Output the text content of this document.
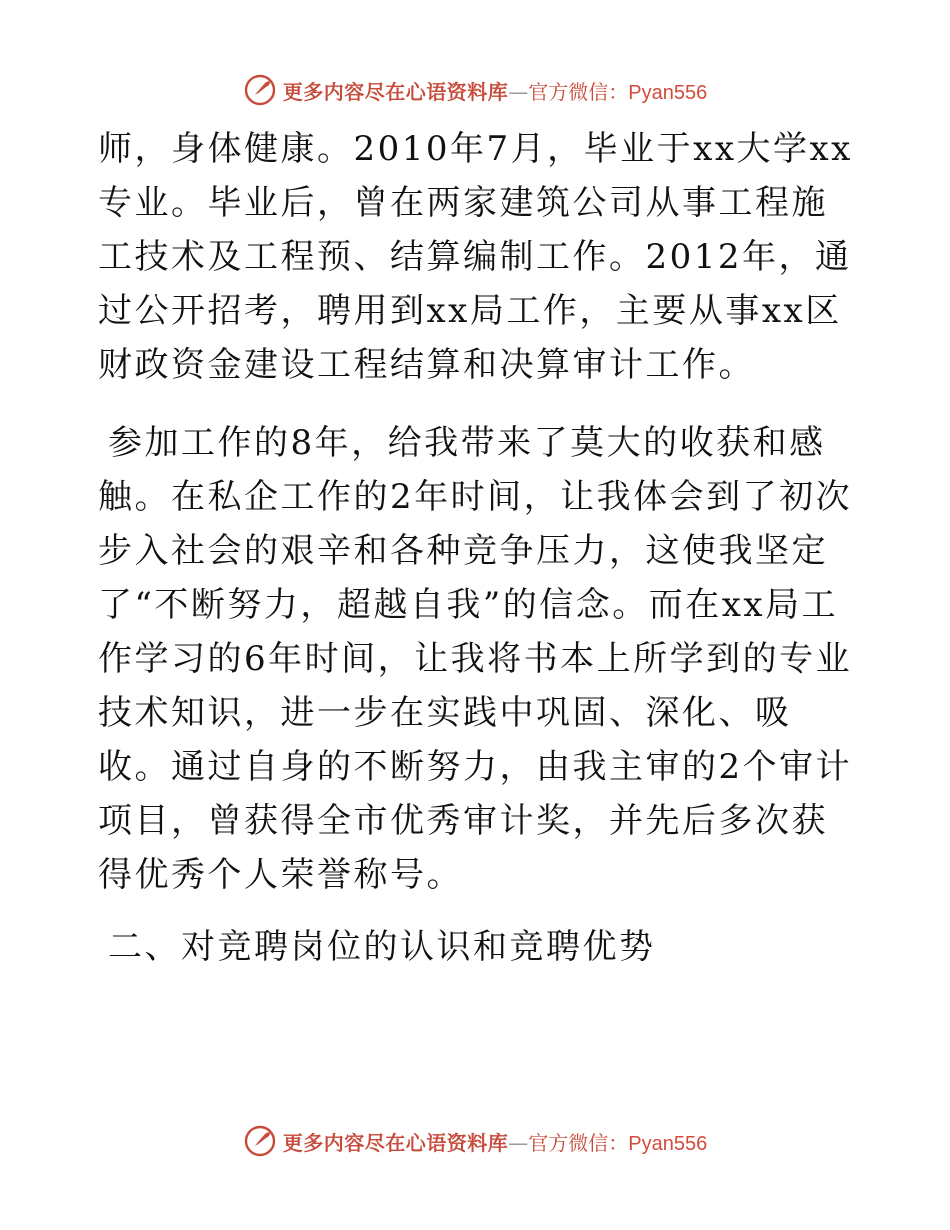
更多内容尽在心语资料库—官方微信：Pyan556

师，身体健康。2010年7月，毕业于xx大学xx专业。毕业后，曾在两家建筑公司从事工程施工技术及工程预、结算编制工作。2012年，通过公开招考，聘用到xx局工作，主要从事xx区财政资金建设工程结算和决算审计工作。

参加工作的8年，给我带来了莫大的收获和感触。在私企工作的2年时间，让我体会到了初次步入社会的艰辛和各种竞争压力，这使我坚定了“不断努力，超越自我”的信念。而在xx局工作学习的6年时间，让我将书本上所学到的专业技术知识，进一步在实践中巩固、深化、吸收。通过自身的不断努力，由我主审的2个审计项目，曾获得全市优秀审计奖，并先后多次获得优秀个人荣誉称号。

二、对竞聘岗位的认识和竞聘优势

更多内容尽在心语资料库—官方微信：Pyan556
